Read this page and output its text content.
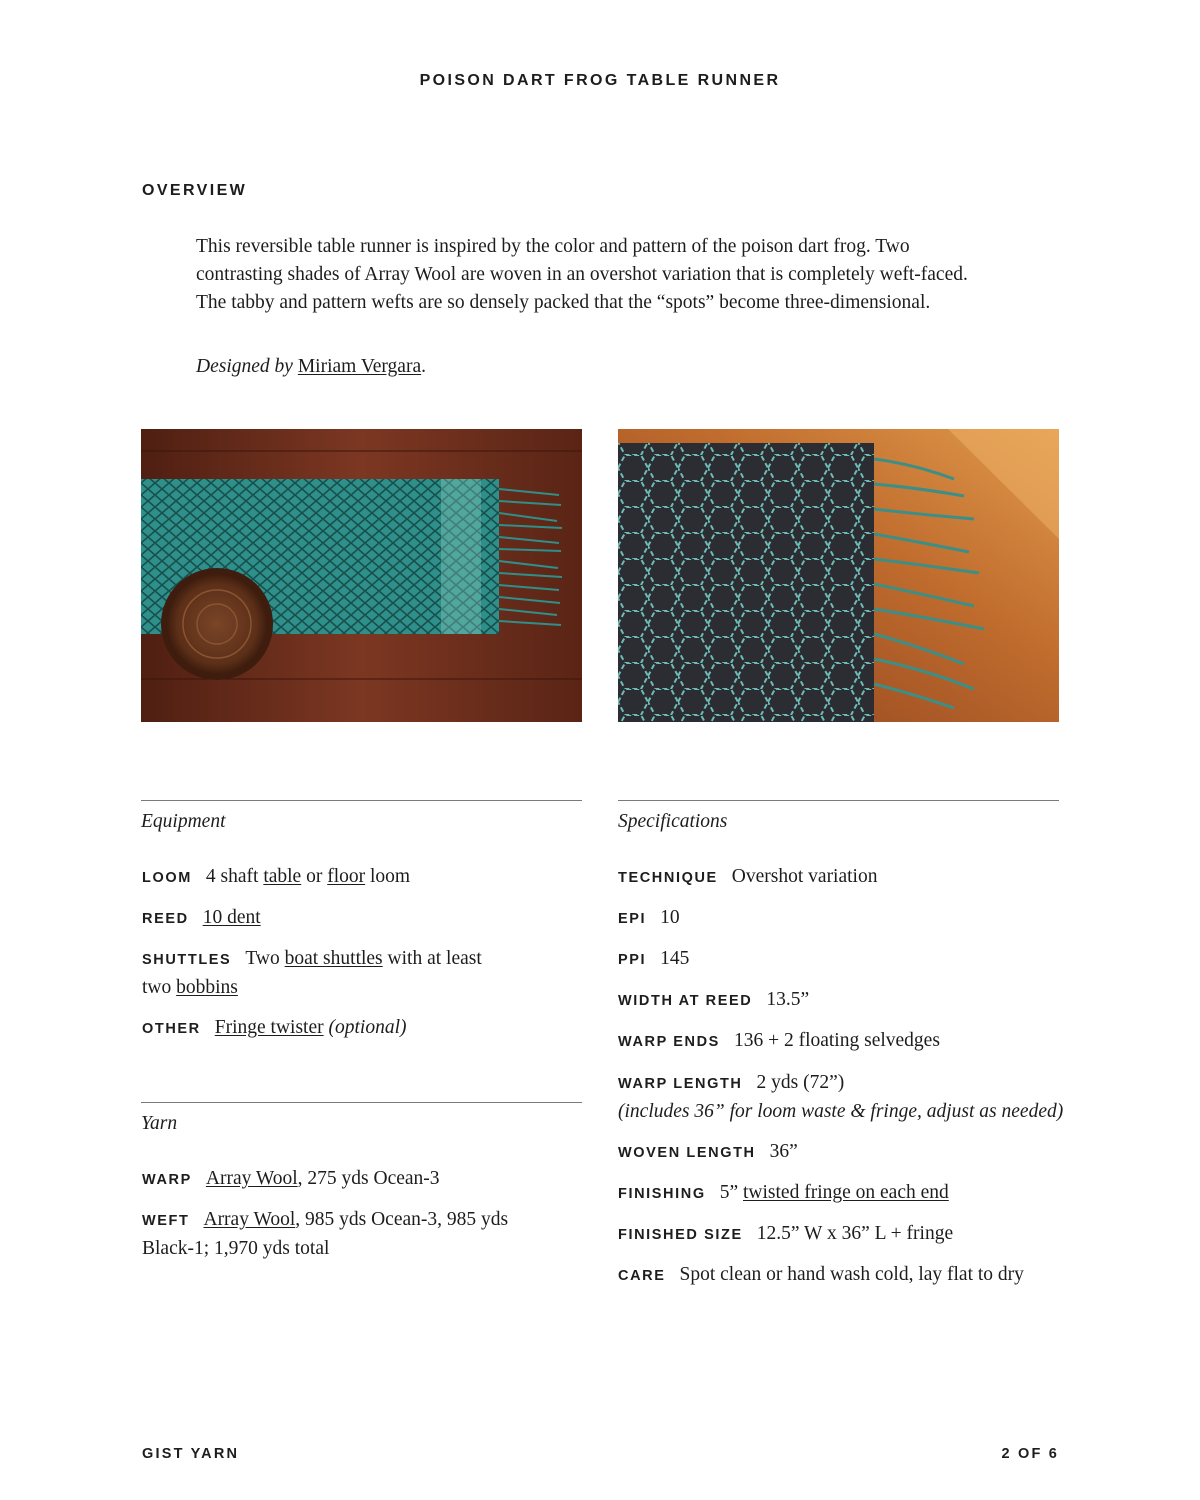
POISON DART FROG TABLE RUNNER
OVERVIEW

This reversible table runner is inspired by the color and pattern of the poison dart frog. Two contrasting shades of Array Wool are woven in an overshot variation that is completely weft-faced. The tabby and pattern wefts are so densely packed that the “spots” become three-dimensional.

Designed by Miriam Vergara.
Equipment
LOOM 4 shaft table or floor loom
REED 10 dent
SHUTTLES Two boat shuttles with at least
two bobbins
OTHER Fringe twister (optional)
Yarn
WARP Array Wool, 275 yds Ocean-3
WEFT Array Wool, 985 yds Ocean-3, 985 yds
Black-1; 1,970 yds total
Specifications
TECHNIQUE Overshot variation
EPI 10
PPI 145
WIDTH AT REED 13.5”
WARP ENDS 136 + 2 floating selvedges
WARP LENGTH 2 yds (72”)
(includes 36” for loom waste & fringe, adjust as needed)
WOVEN LENGTH 36”
FINISHING 5” twisted fringe on each end
FINISHED SIZE 12.5” W x 36” L + fringe
CARE Spot clean or hand wash cold, lay flat to dry
GIST YARN	2 OF 6
